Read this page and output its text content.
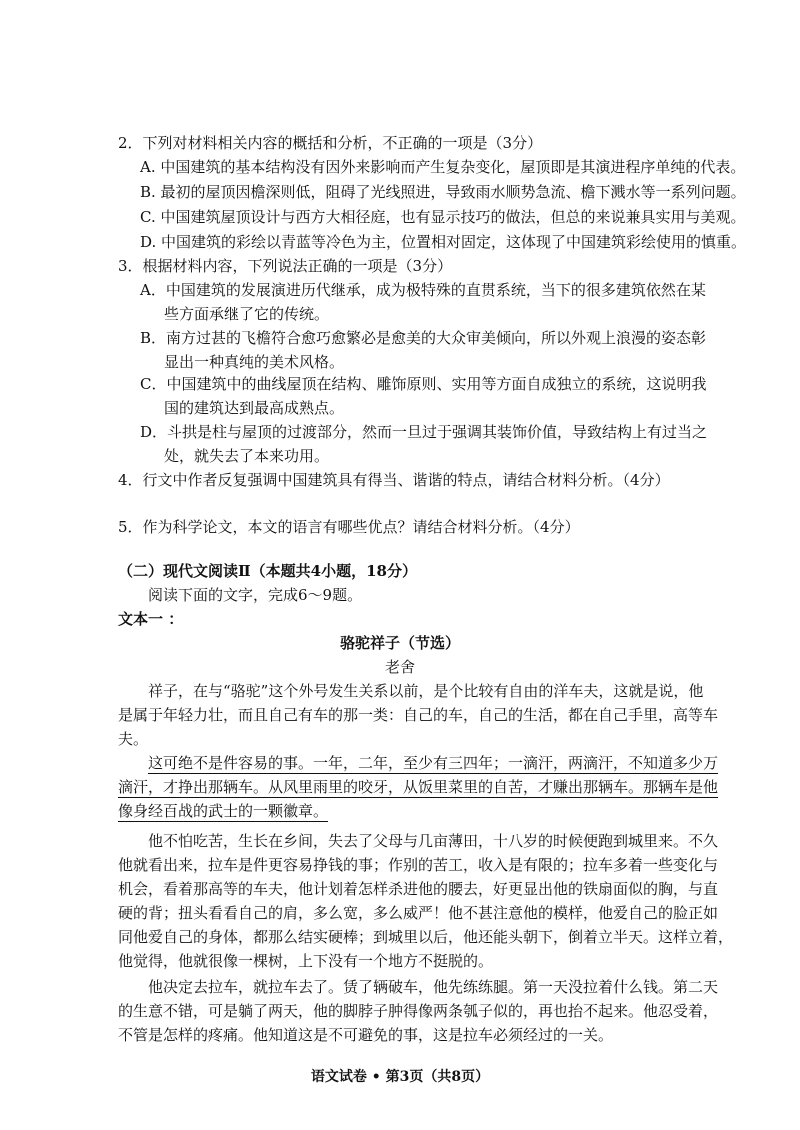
2．下列对材料相关内容的概括和分析，不正确的一项是（3分）
A. 中国建筑的基本结构没有因外来影响而产生复杂变化，屋顶即是其演进程序单纯的代表。
B. 最初的屋顶因檐深则低，阻碍了光线照进，导致雨水顺势急流、檐下溅水等一系列问题。
C. 中国建筑屋顶设计与西方大相径庭，也有显示技巧的做法，但总的来说兼具实用与美观。
D. 中国建筑的彩绘以青蓝等冷色为主，位置相对固定，这体现了中国建筑彩绘使用的慎重。
3．根据材料内容，下列说法正确的一项是（3分）
A．中国建筑的发展演进历代继承，成为极特殊的直贯系统，当下的很多建筑依然在某
些方面承继了它的传统。
B．南方过甚的飞檐符合愈巧愈繁必是愈美的大众审美倾向，所以外观上浪漫的姿态彰
显出一种真纯的美术风格。
C．中国建筑中的曲线屋顶在结构、雕饰原则、实用等方面自成独立的系统，这说明我
国的建筑达到最高成熟点。
D．斗拱是柱与屋顶的过渡部分，然而一旦过于强调其装饰价值，导致结构上有过当之
处，就失去了本来功用。
4．行文中作者反复强调中国建筑具有得当、谐谐的特点，请结合材料分析。（4分）
5．作为科学论文，本文的语言有哪些优点？请结合材料分析。（4分）
（二）现代文阅读Ⅱ（本题共4小题，18分）
阅读下面的文字，完成6～9题。
文本一 ：
骆驼祥子（节选）
老舍
祥子，在与“骆驼”这个外号发生关系以前，是个比较有自由的洋车夫，这就是说，他
是属于年轻力壮，而且自己有车的那一类：自己的车，自己的生活，都在自己手里，高等车
夫。
这可绝不是件容易的事。一年，二年，至少有三四年；一滴汗，两滴汗，不知道多少万
滴汗，才挣出那辆车。从风里雨里的咬牙，从饭里菜里的自苦，才赚出那辆车。那辆车是他
像身经百战的武士的一颗徽章。
他不怕吃苦，生长在乡间，失去了父母与几亩薄田，十八岁的时候便跑到城里来。不久
他就看出来，拉车是件更容易挣钱的事；作别的苦工，收入是有限的；拉车多着一些变化与
机会，看着那高等的车夫，他计划着怎样杀进他的腰去，好更显出他的铁扇面似的胸，与直
硬的背；扭头看看自己的肩，多么宽，多么威严！他不甚注意他的模样，他爱自己的脸正如
同他爱自己的身体，都那么结实硬棒；到城里以后，他还能头朝下，倒着立半天。这样立着，
他觉得，他就很像一棵树，上下没有一个地方不挺脱的。
他决定去拉车，就拉车去了。赁了辆破车，他先练练腿。第一天没拉着什么钱。第二天
的生意不错，可是躺了两天，他的脚脖子肿得像两条瓠子似的，再也抬不起来。他忍受着，
不管是怎样的疼痛。他知道这是不可避免的事，这是拉车必须经过的一关。
语文试卷 • 第3页（共8页）
